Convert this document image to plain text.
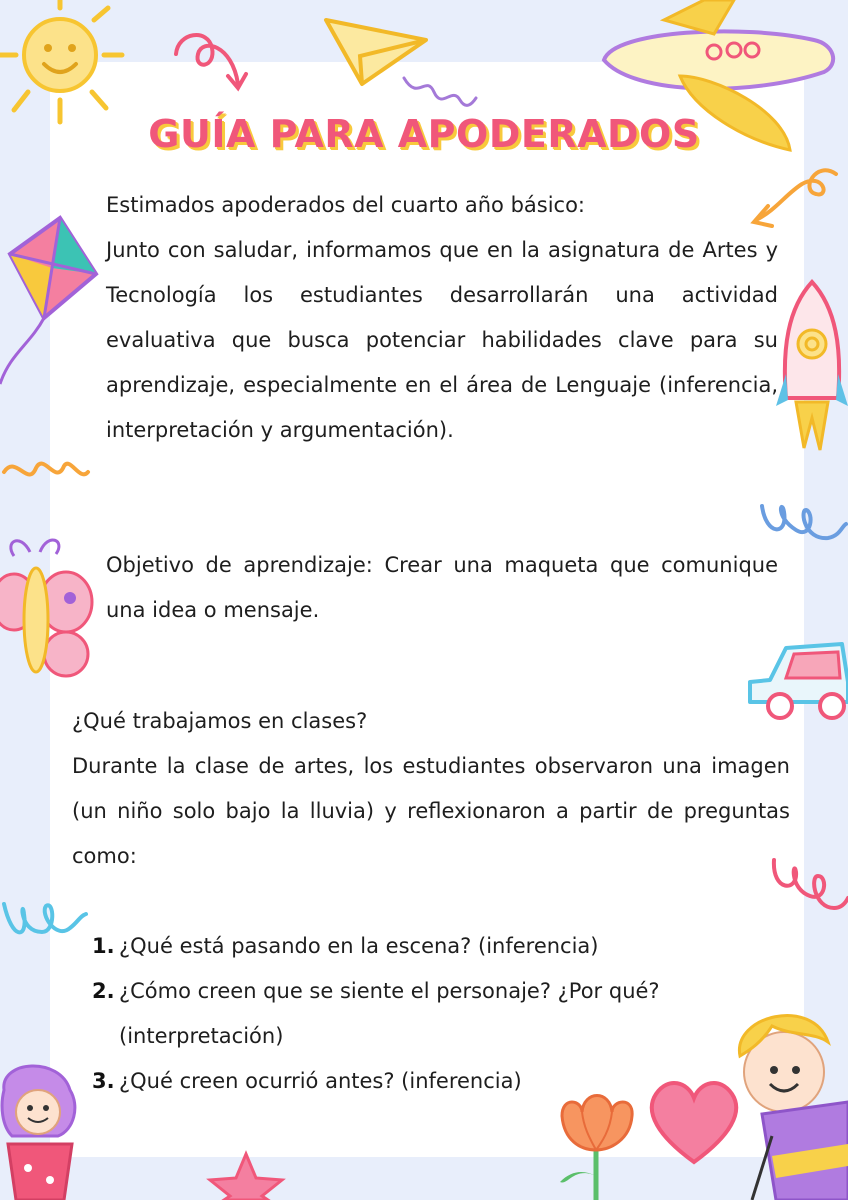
GUÍA PARA APODERADOS

Estimados apoderados del cuarto año básico:
Junto con saludar, informamos que en la asignatura de Artes y Tecnología los estudiantes desarrollarán una actividad evaluativa que busca potenciar habilidades clave para su aprendizaje, especialmente en el área de Lenguaje (inferencia, interpretación y argumentación).

Objetivo de aprendizaje: Crear una maqueta que comunique una idea o mensaje.

¿Qué trabajamos en clases?
Durante la clase de artes, los estudiantes observaron una imagen (un niño solo bajo la lluvia) y reflexionaron a partir de preguntas como:

1. ¿Qué está pasando en la escena? (inferencia)
2. ¿Cómo creen que se siente el personaje? ¿Por qué? (interpretación)
3. ¿Qué creen ocurrió antes? (inferencia)
